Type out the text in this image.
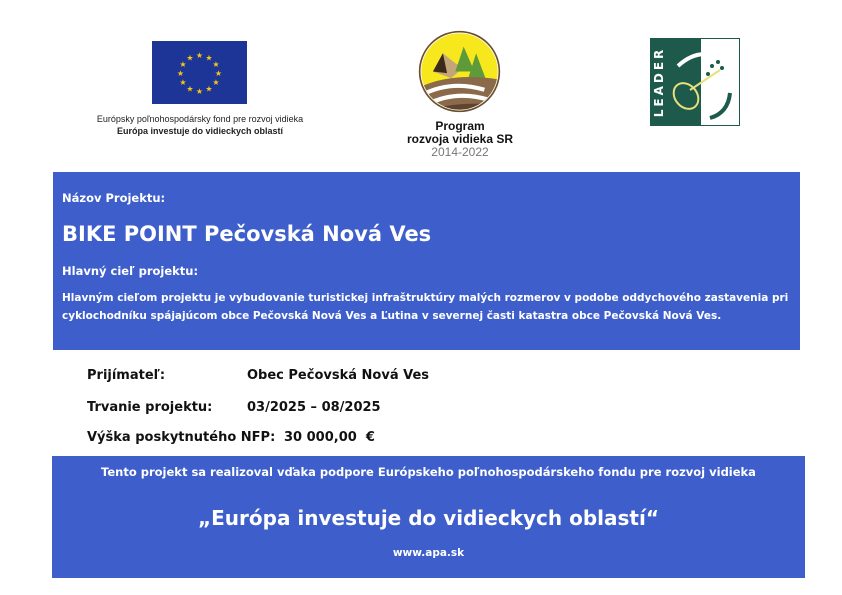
★ ★
★
★
★
★
★
★
★
★
★
★
Európsky poľnohospodársky fond pre rozvoj vidieka
Európa investuje do vidieckych oblastí	Program
rozvoja vidieka SR
2014-2022
LEADER
Názov Projektu:
BIKE POINT Pečovská Nová Ves
Hlavný cieľ projektu:
Hlavným cieľom projektu je vybudovanie turistickej infraštruktúry malých rozmerov v podobe oddychového zastavenia pri
cyklochodníku spájajúcom obce Pečovská Nová Ves a Ľutina v severnej časti katastra obce Pečovská Nová Ves.
Prijímateľ:	Obec Pečovská Nová Ves
Trvanie projektu:	03/2025 – 08/2025
Výška poskytnutého NFP: 30 000,00  €
Tento projekt sa realizoval vďaka podpore Európskeho poľnohospodárskeho fondu pre rozvoj vidieka
„Európa investuje do vidieckych oblastí“
www.apa.sk
